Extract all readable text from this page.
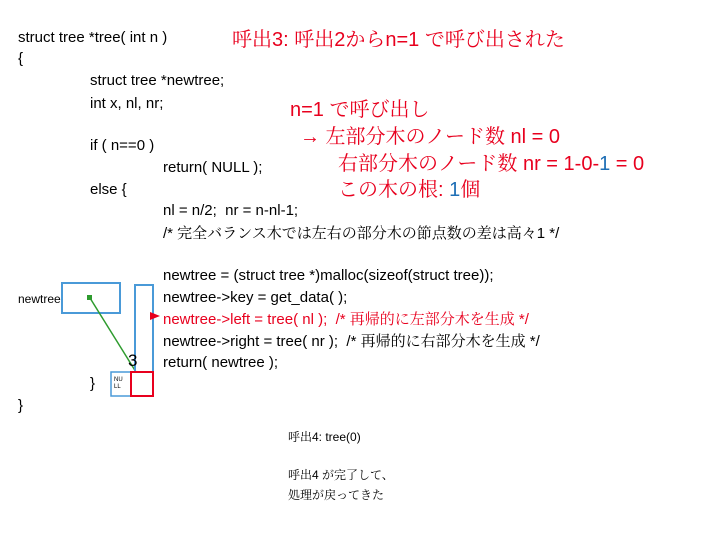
struct tree *tree( int n )
{
struct tree *newtree;
int x, nl, nr;
if ( n==0 )
return( NULL );
else {
nl = n/2;  nr = n-nl-1;
/* 完全バランス木では左右の部分木の節点数の差は高々1 */
newtree = (struct tree *)malloc(sizeof(struct tree));
newtree->key = get_data( );
newtree->left = tree( nl );  /* 再帰的に左部分木を生成 */
newtree->right = tree( nr );  /* 再帰的に右部分木を生成 */
return( newtree );
}
}
呼出3: 呼出2からn=1 で呼び出された
n=1 で呼び出し
→ 左部分木のノード数 nl = 0
右部分木のノード数 nr = 1-0-1 = 0
この木の根: 1個
newtree
3
NU LL
呼出4: tree(0)
呼出4 が完了して、
処理が戻ってきた
